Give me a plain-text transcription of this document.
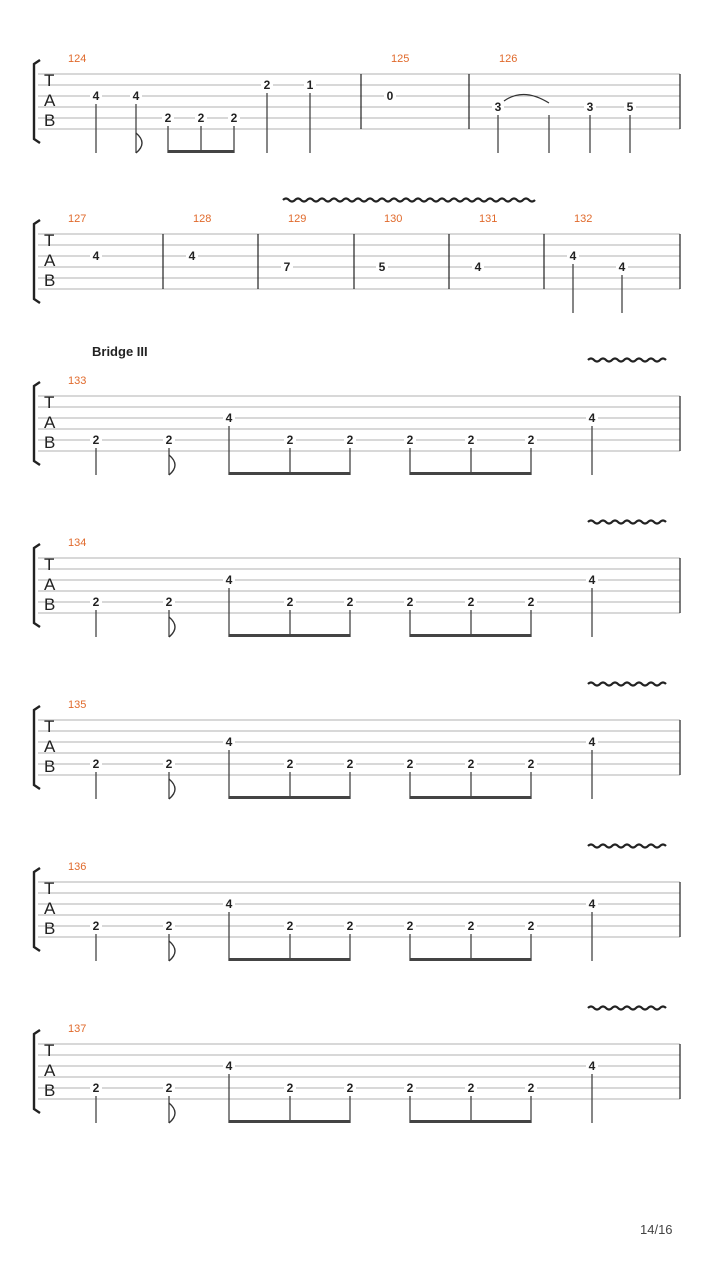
T
A
B
124
4	4
2 2 2
2	1
125
0
126
3	3	5
T
A
B
127
4
128
4
129
7
130
5
131
4
132
4
4
T
A
B
Bridge III
133
2	2
4
2	2	2	2	2
4
T
A
B
134
2	2
4
2	2	2	2	2
4
T
A
B
135
2	2
4
2	2	2	2	2
4
T
A
B
136
2	2
4
2	2	2	2	2
4
T
A
B
137
2	2
4
2	2	2	2	2
4
14/16
